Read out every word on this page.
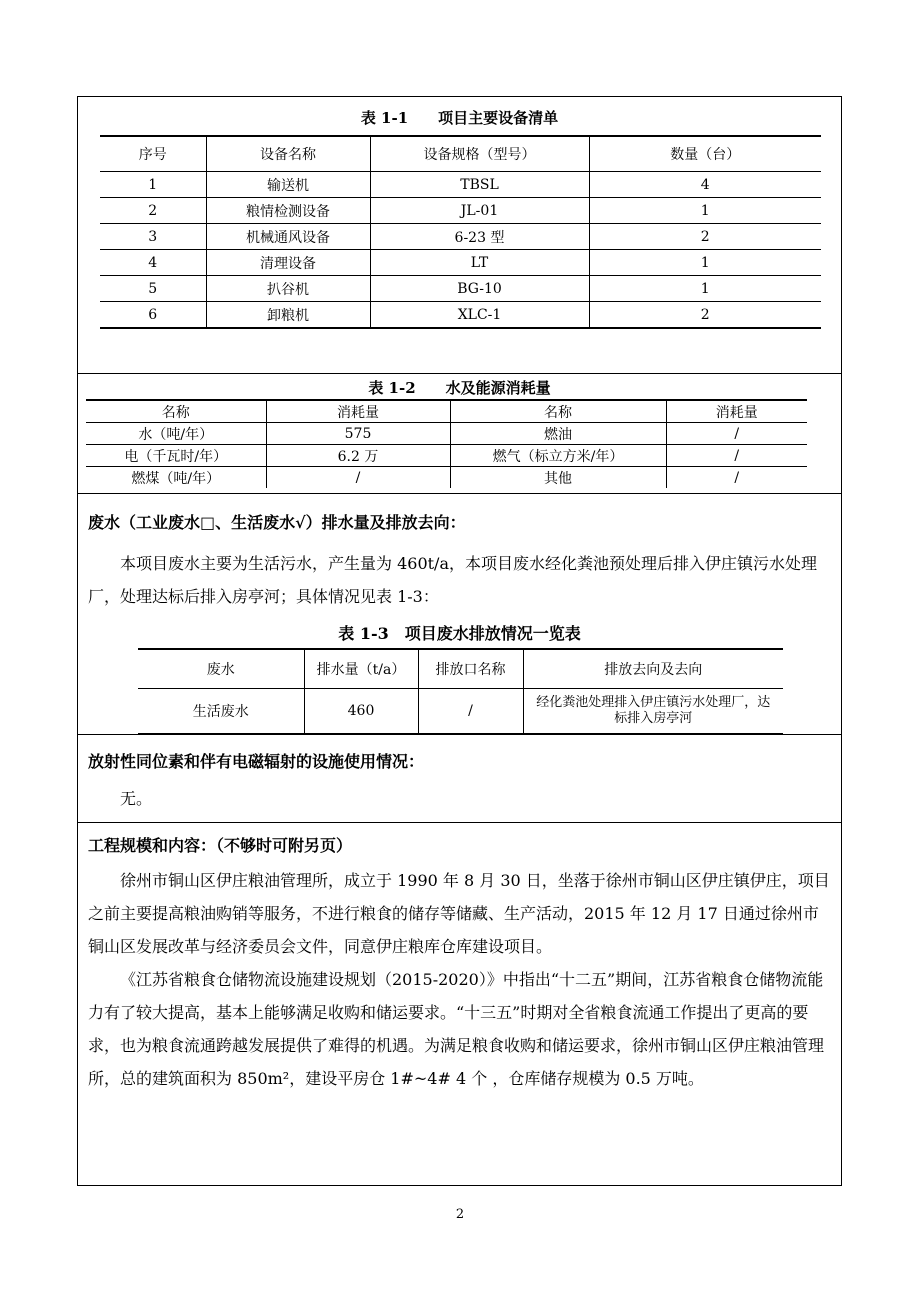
表 1-1　　项目主要设备清单
序号	设备名称	设备规格（型号）	数量（台）
1	输送机	TBSL	4
2	粮情检测设备	JL-01	1
3	机械通风设备	6-23 型	2
4	清理设备	LT	1
5	扒谷机	BG-10	1
6	卸粮机	XLC-1	2
表 1-2　　水及能源消耗量
名称	消耗量	名称	消耗量
水（吨/年）	575	燃油	/
电（千瓦时/年）	6.2 万	燃气（标立方米/年）	/
燃煤（吨/年）	/	其他	/
废水（工业废水□、生活废水√）排水量及排放去向：
本项目废水主要为生活污水，产生量为 460t/a，本项目废水经化粪池预处理后排入伊庄镇污水处理厂，处理达标后排入房亭河；具体情况见表 1-3：
表 1-3　项目废水排放情况一览表
废水	排水量（t/a）	排放口名称	排放去向及去向
生活废水	460	/	经化粪池处理排入伊庄镇污水处理厂，达标排入房亭河
放射性同位素和伴有电磁辐射的设施使用情况：
无。
工程规模和内容：（不够时可附另页）
徐州市铜山区伊庄粮油管理所，成立于 1990 年 8 月 30 日，坐落于徐州市铜山区伊庄镇伊庄，项目之前主要提高粮油购销等服务，不进行粮食的储存等储藏、生产活动，2015 年 12 月 17 日通过徐州市铜山区发展改革与经济委员会文件，同意伊庄粮库仓库建设项目。
《江苏省粮食仓储物流设施建设规划（2015-2020）》中指出“十二五”期间，江苏省粮食仓储物流能力有了较大提高，基本上能够满足收购和储运要求。“十三五”时期对全省粮食流通工作提出了更高的要求，也为粮食流通跨越发展提供了难得的机遇。为满足粮食收购和储运要求，徐州市铜山区伊庄粮油管理所，总的建筑面积为 850m²，建设平房仓 1#~4# 4 个 ，仓库储存规模为 0.5 万吨。
2
